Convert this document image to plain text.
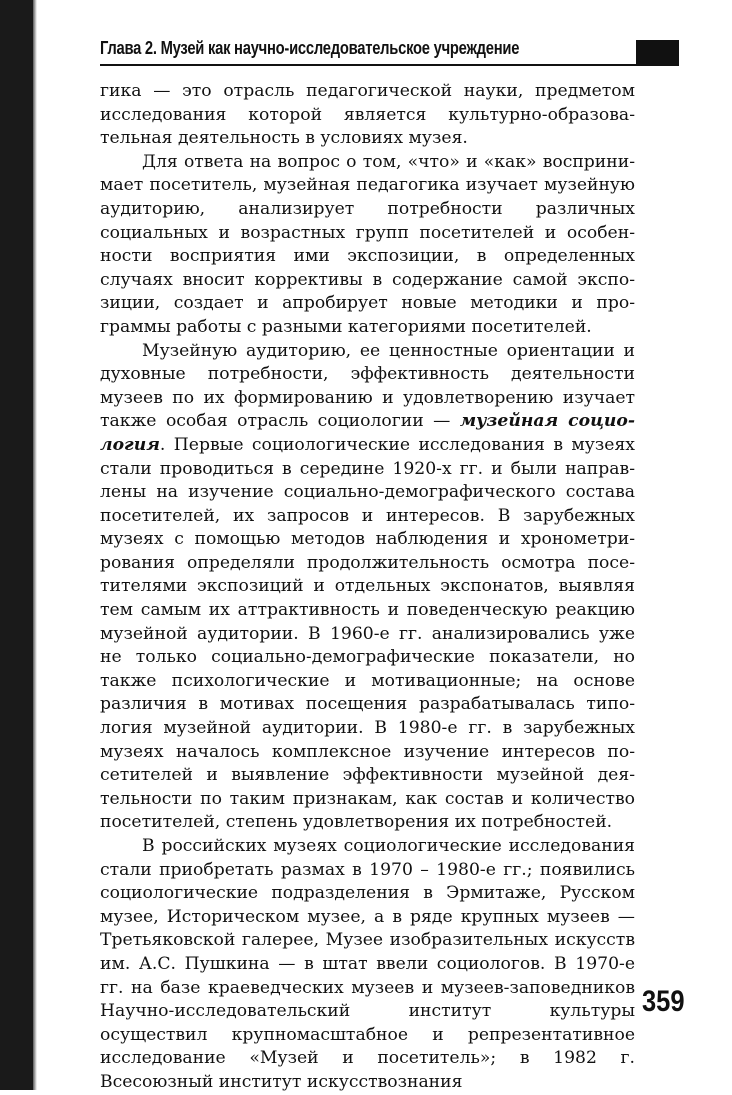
Глава 2. Музей как научно-исследовательское учреждение

гика — это отрасль педагогической науки, предметом исследования которой является культурно-образовательная деятельность в условиях музея.

Для ответа на вопрос о том, «что» и «как» воспринимает посетитель, музейная педагогика изучает музейную аудиторию, анализирует потребности различных социальных и возрастных групп посетителей и особенности восприятия ими экспозиции, в определенных случаях вносит коррективы в содержание самой экспозиции, создает и апробирует новые методики и программы работы с разными категориями посетителей.

Музейную аудиторию, ее ценностные ориентации и духовные потребности, эффективность деятельности музеев по их формированию и удовлетворению изучает также особая отрасль социологии — музейная социология. Первые социологические исследования в музеях стали проводиться в середине 1920-х гг. и были направлены на изучение социально-демографического состава посетителей, их запросов и интересов. В зарубежных музеях с помощью методов наблюдения и хронометрирования определяли продолжительность осмотра посетителями экспозиций и отдельных экспонатов, выявляя тем самым их аттрактивность и поведенческую реакцию музейной аудитории. В 1960-е гг. анализировались уже не только социально-демографические показатели, но также психологические и мотивационные; на основе различия в мотивах посещения разрабатывалась типология музейной аудитории. В 1980-е гг. в зарубежных музеях началось комплексное изучение интересов посетителей и выявление эффективности музейной деятельности по таким признакам, как состав и количество посетителей, степень удовлетворения их потребностей.

В российских музеях социологические исследования стали приобретать размах в 1970 – 1980-е гг.; появились социологические подразделения в Эрмитаже, Русском музее, Историческом музее, а в ряде крупных музеев — Третьяковской галерее, Музее изобразительных искусств им. А.С. Пушкина — в штат ввели социологов. В 1970-е гг. на базе краеведческих музеев и музеев-заповедников Научно-исследовательский институт культуры осуществил крупномасштабное и репрезентативное исследование «Музей и посетитель»; в 1982 г. Всесоюзный институт искусствознания

359
